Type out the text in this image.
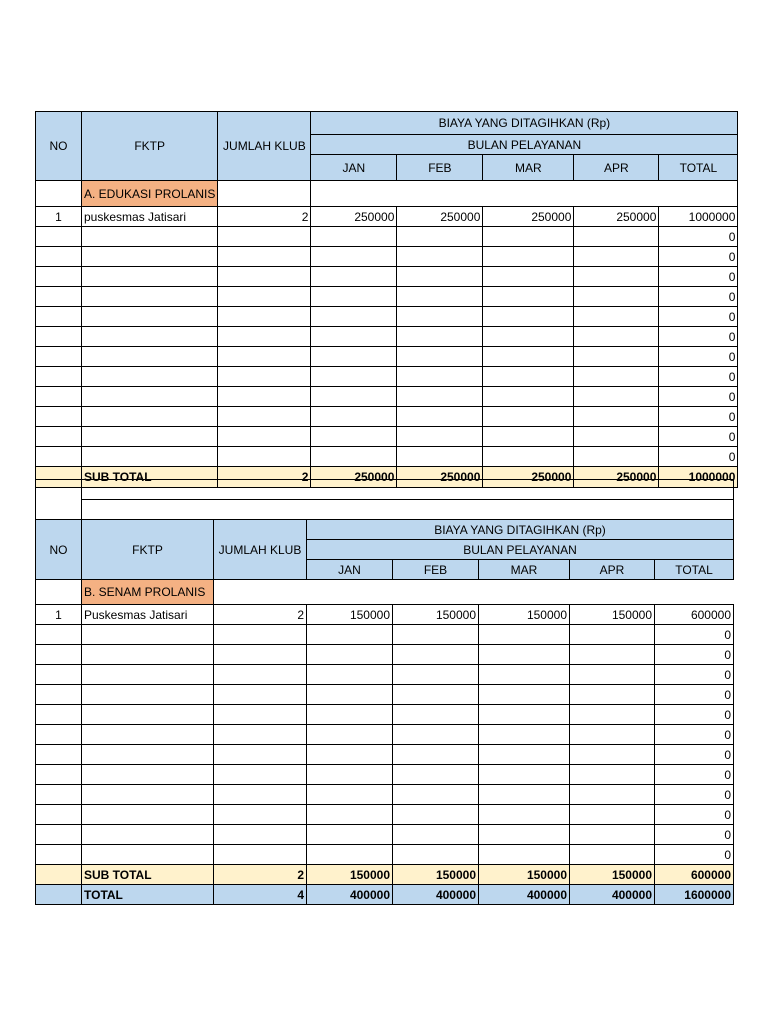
NO	FKTP	JUMLAH KLUB	BIAYA YANG DITAGIHKAN (Rp)				
			BULAN PELAYANAN				
			JAN	FEB	MAR	APR	TOTAL
	A. EDUKASI PROLANIS						
1	puskesmas Jatisari	2	250000	250000	250000	250000	1000000
							0
							0
							0
							0
							0
							0
							0
							0
							0
							0
							0
							0
	SUB TOTAL	2	250000	250000	250000	250000	1000000

NO	FKTP	JUMLAH KLUB	BIAYA YANG DITAGIHKAN (Rp)				
			BULAN PELAYANAN				
			JAN	FEB	MAR	APR	TOTAL
	B. SENAM PROLANIS						
1	Puskesmas Jatisari	2	150000	150000	150000	150000	600000
							0
							0
							0
							0
							0
							0
							0
							0
							0
							0
							0
							0
	SUB TOTAL	2	150000	150000	150000	150000	600000
	TOTAL	4	400000	400000	400000	400000	1600000
